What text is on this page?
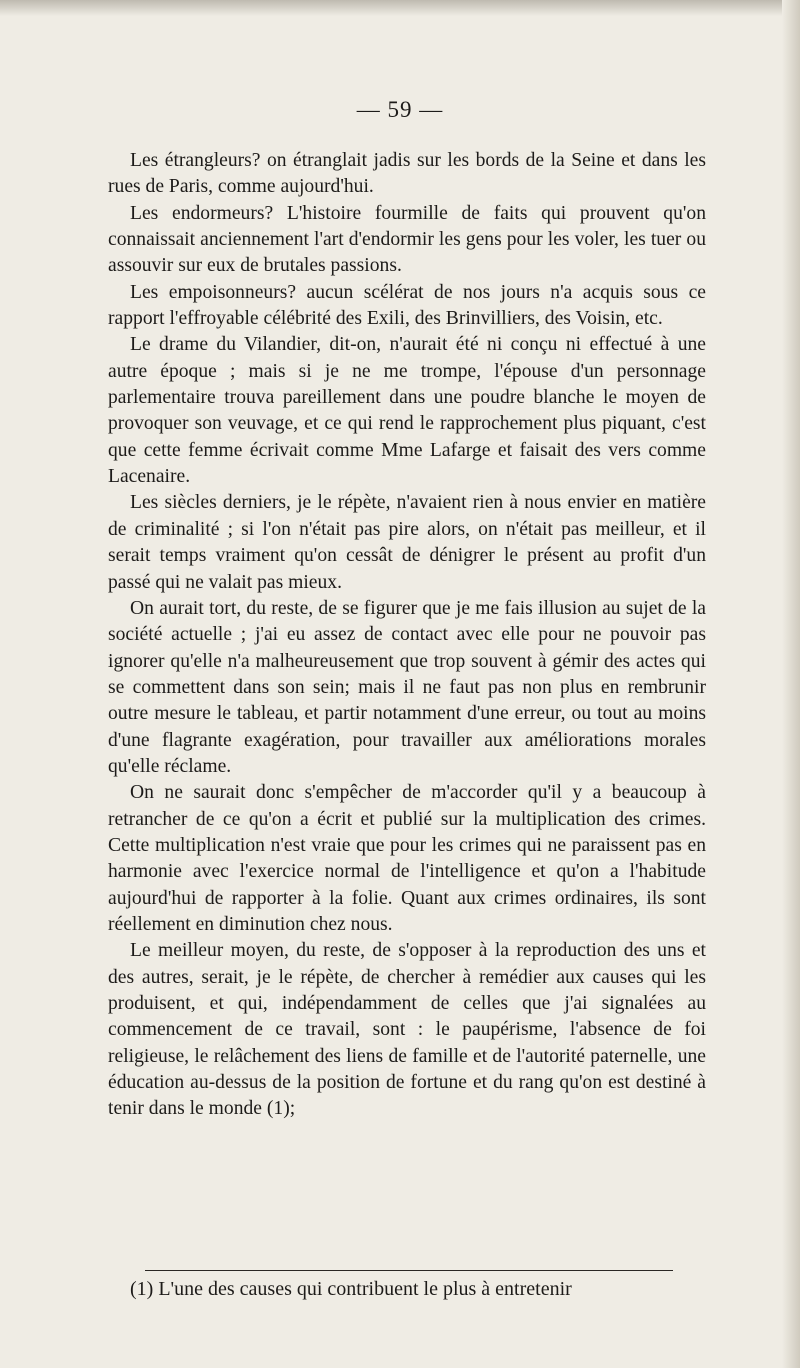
— 59 —

Les étrangleurs? on étranglait jadis sur les bords de la Seine et dans les rues de Paris, comme aujourd'hui.

Les endormeurs? L'histoire fourmille de faits qui prouvent qu'on connaissait anciennement l'art d'endormir les gens pour les voler, les tuer ou assouvir sur eux de brutales passions.

Les empoisonneurs? aucun scélérat de nos jours n'a acquis sous ce rapport l'effroyable célébrité des Exili, des Brinvilliers, des Voisin, etc.

Le drame du Vilandier, dit-on, n'aurait été ni conçu ni effectué à une autre époque ; mais si je ne me trompe, l'épouse d'un personnage parlementaire trouva pareillement dans une poudre blanche le moyen de provoquer son veuvage, et ce qui rend le rapprochement plus piquant, c'est que cette femme écrivait comme Mme Lafarge et faisait des vers comme Lacenaire.

Les siècles derniers, je le répète, n'avaient rien à nous envier en matière de criminalité ; si l'on n'était pas pire alors, on n'était pas meilleur, et il serait temps vraiment qu'on cessât de dénigrer le présent au profit d'un passé qui ne valait pas mieux.

On aurait tort, du reste, de se figurer que je me fais illusion au sujet de la société actuelle ; j'ai eu assez de contact avec elle pour ne pouvoir pas ignorer qu'elle n'a malheureusement que trop souvent à gémir des actes qui se commettent dans son sein; mais il ne faut pas non plus en rembrunir outre mesure le tableau, et partir notamment d'une erreur, ou tout au moins d'une flagrante exagération, pour travailler aux améliorations morales qu'elle réclame.

On ne saurait donc s'empêcher de m'accorder qu'il y a beaucoup à retrancher de ce qu'on a écrit et publié sur la multiplication des crimes. Cette multiplication n'est vraie que pour les crimes qui ne paraissent pas en harmonie avec l'exercice normal de l'intelligence et qu'on a l'habitude aujourd'hui de rapporter à la folie. Quant aux crimes ordinaires, ils sont réellement en diminution chez nous.

Le meilleur moyen, du reste, de s'opposer à la reproduction des uns et des autres, serait, je le répète, de chercher à remédier aux causes qui les produisent, et qui, indépendamment de celles que j'ai signalées au commencement de ce travail, sont : le paupérisme, l'absence de foi religieuse, le relâchement des liens de famille et de l'autorité paternelle, une éducation au-dessus de la position de fortune et du rang qu'on est destiné à tenir dans le monde (1);

(1) L'une des causes qui contribuent le plus à entretenir
